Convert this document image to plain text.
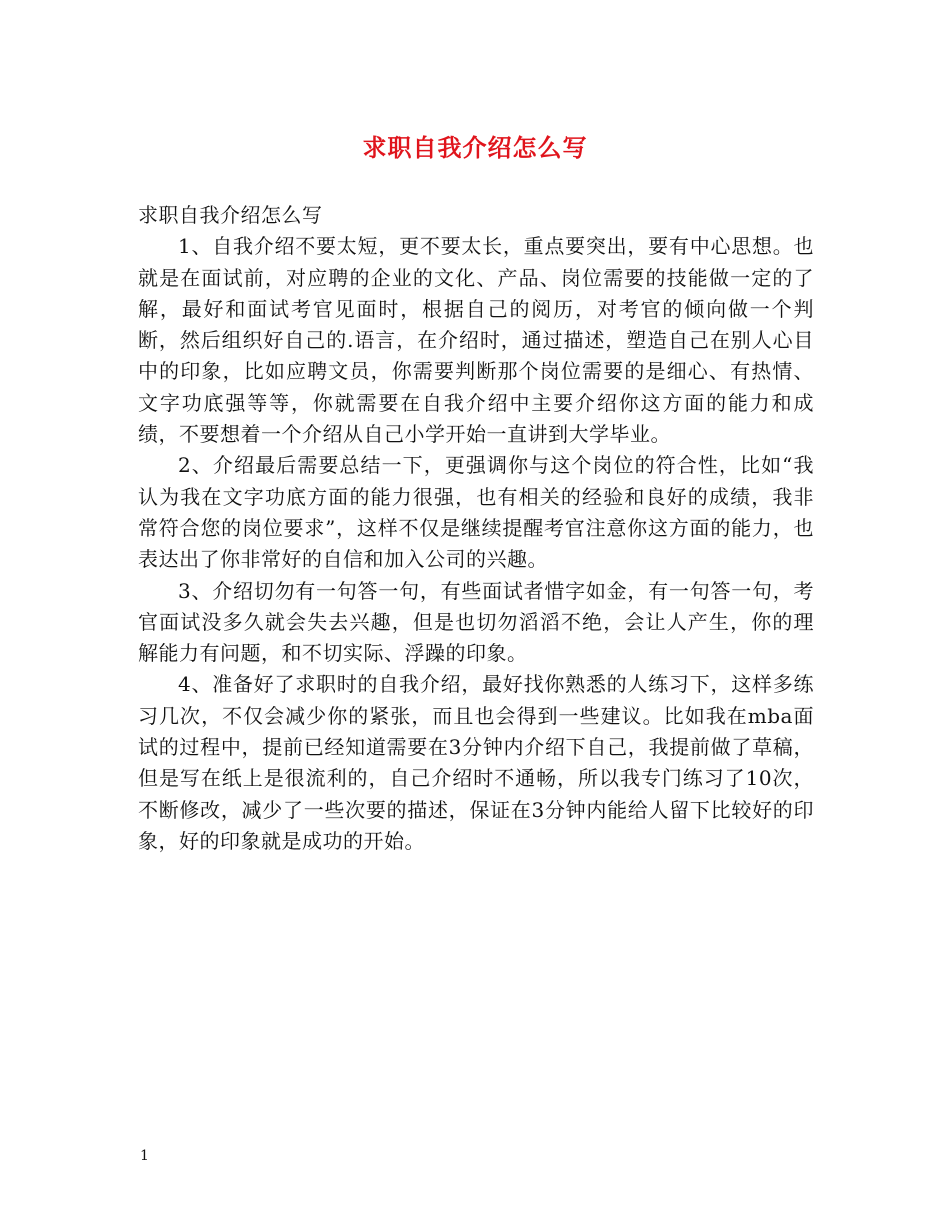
求职自我介绍怎么写

求职自我介绍怎么写

1、自我介绍不要太短，更不要太长，重点要突出，要有中心思想。也就是在面试前，对应聘的企业的文化、产品、岗位需要的技能做一定的了解，最好和面试考官见面时，根据自己的阅历，对考官的倾向做一个判断，然后组织好自己的.语言，在介绍时，通过描述，塑造自己在别人心目中的印象，比如应聘文员，你需要判断那个岗位需要的是细心、有热情、文字功底强等等，你就需要在自我介绍中主要介绍你这方面的能力和成绩，不要想着一个介绍从自己小学开始一直讲到大学毕业。

2、介绍最后需要总结一下，更强调你与这个岗位的符合性，比如“我认为我在文字功底方面的能力很强，也有相关的经验和良好的成绩，我非常符合您的岗位要求”，这样不仅是继续提醒考官注意你这方面的能力，也表达出了你非常好的自信和加入公司的兴趣。

3、介绍切勿有一句答一句，有些面试者惜字如金，有一句答一句，考官面试没多久就会失去兴趣，但是也切勿滔滔不绝，会让人产生，你的理解能力有问题，和不切实际、浮躁的印象。

4、准备好了求职时的自我介绍，最好找你熟悉的人练习下，这样多练习几次，不仅会减少你的紧张，而且也会得到一些建议。比如我在mba面试的过程中，提前已经知道需要在3分钟内介绍下自己，我提前做了草稿，但是写在纸上是很流利的，自己介绍时不通畅，所以我专门练习了10次，不断修改，减少了一些次要的描述，保证在3分钟内能给人留下比较好的印象，好的印象就是成功的开始。

1
